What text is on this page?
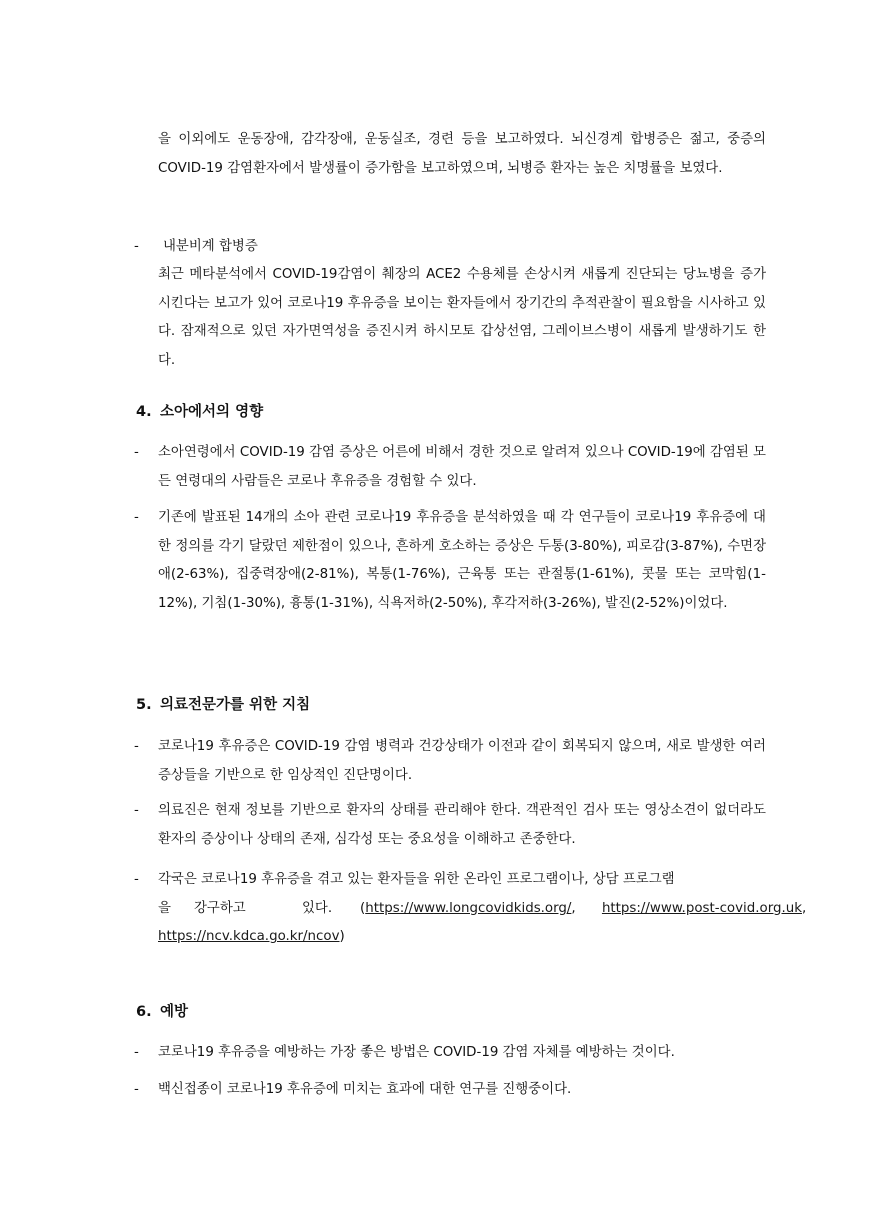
을 이외에도 운동장애, 감각장애, 운동실조, 경련 등을 보고하였다. 뇌신경계 합병증은 젊고, 중증의 COVID-19 감염환자에서 발생률이 증가함을 보고하였으며, 뇌병증 환자는 높은 치명률을 보였다.
-	내분비계 합병증
최근 메타분석에서 COVID-19감염이 췌장의 ACE2 수용체를 손상시켜 새롭게 진단되는 당뇨병을 증가시킨다는 보고가 있어 코로나19 후유증을 보이는 환자들에서 장기간의 추적관찰이 필요함을 시사하고 있다. 잠재적으로 있던 자가면역성을 증진시켜 하시모토 갑상선염, 그레이브스병이 새롭게 발생하기도 한다.
4. 소아에서의 영향
-	소아연령에서 COVID-19 감염 증상은 어른에 비해서 경한 것으로 알려져 있으나 COVID-19에 감염된 모든 연령대의 사람들은 코로나 후유증을 경험할 수 있다.
-	기존에 발표된 14개의 소아 관련 코로나19 후유증을 분석하였을 때 각 연구들이 코로나19 후유증에 대한 정의를 각기 달랐던 제한점이 있으나, 흔하게 호소하는 증상은 두통(3-80%), 피로감(3-87%), 수면장애(2-63%), 집중력장애(2-81%), 복통(1-76%), 근육통 또는 관절통(1-61%), 콧물 또는 코막힘(1-12%), 기침(1-30%), 흉통(1-31%), 식욕저하(2-50%), 후각저하(3-26%), 발진(2-52%)이었다.
5. 의료전문가를 위한 지침
-	코로나19 후유증은 COVID-19 감염 병력과 건강상태가 이전과 같이 회복되지 않으며, 새로 발생한 여러 증상들을 기반으로 한 임상적인 진단명이다.
-	의료진은 현재 정보를 기반으로 환자의 상태를 관리해야 한다. 객관적인 검사 또는 영상소견이 없더라도 환자의 증상이나 상태의 존재, 심각성 또는 중요성을 이해하고 존중한다.
-	각국은 코로나19 후유증을 겪고 있는 환자들을 위한 온라인 프로그램이나, 상담 프로그램
을 강구하고	있다. (https://www.longcovidkids.org/, https://www.post-covid.org.uk,
https://ncv.kdca.go.kr/ncov)
6. 예방
-	코로나19 후유증을 예방하는 가장 좋은 방법은 COVID-19 감염 자체를 예방하는 것이다.
-	백신접종이 코로나19 후유증에 미치는 효과에 대한 연구를 진행중이다.
